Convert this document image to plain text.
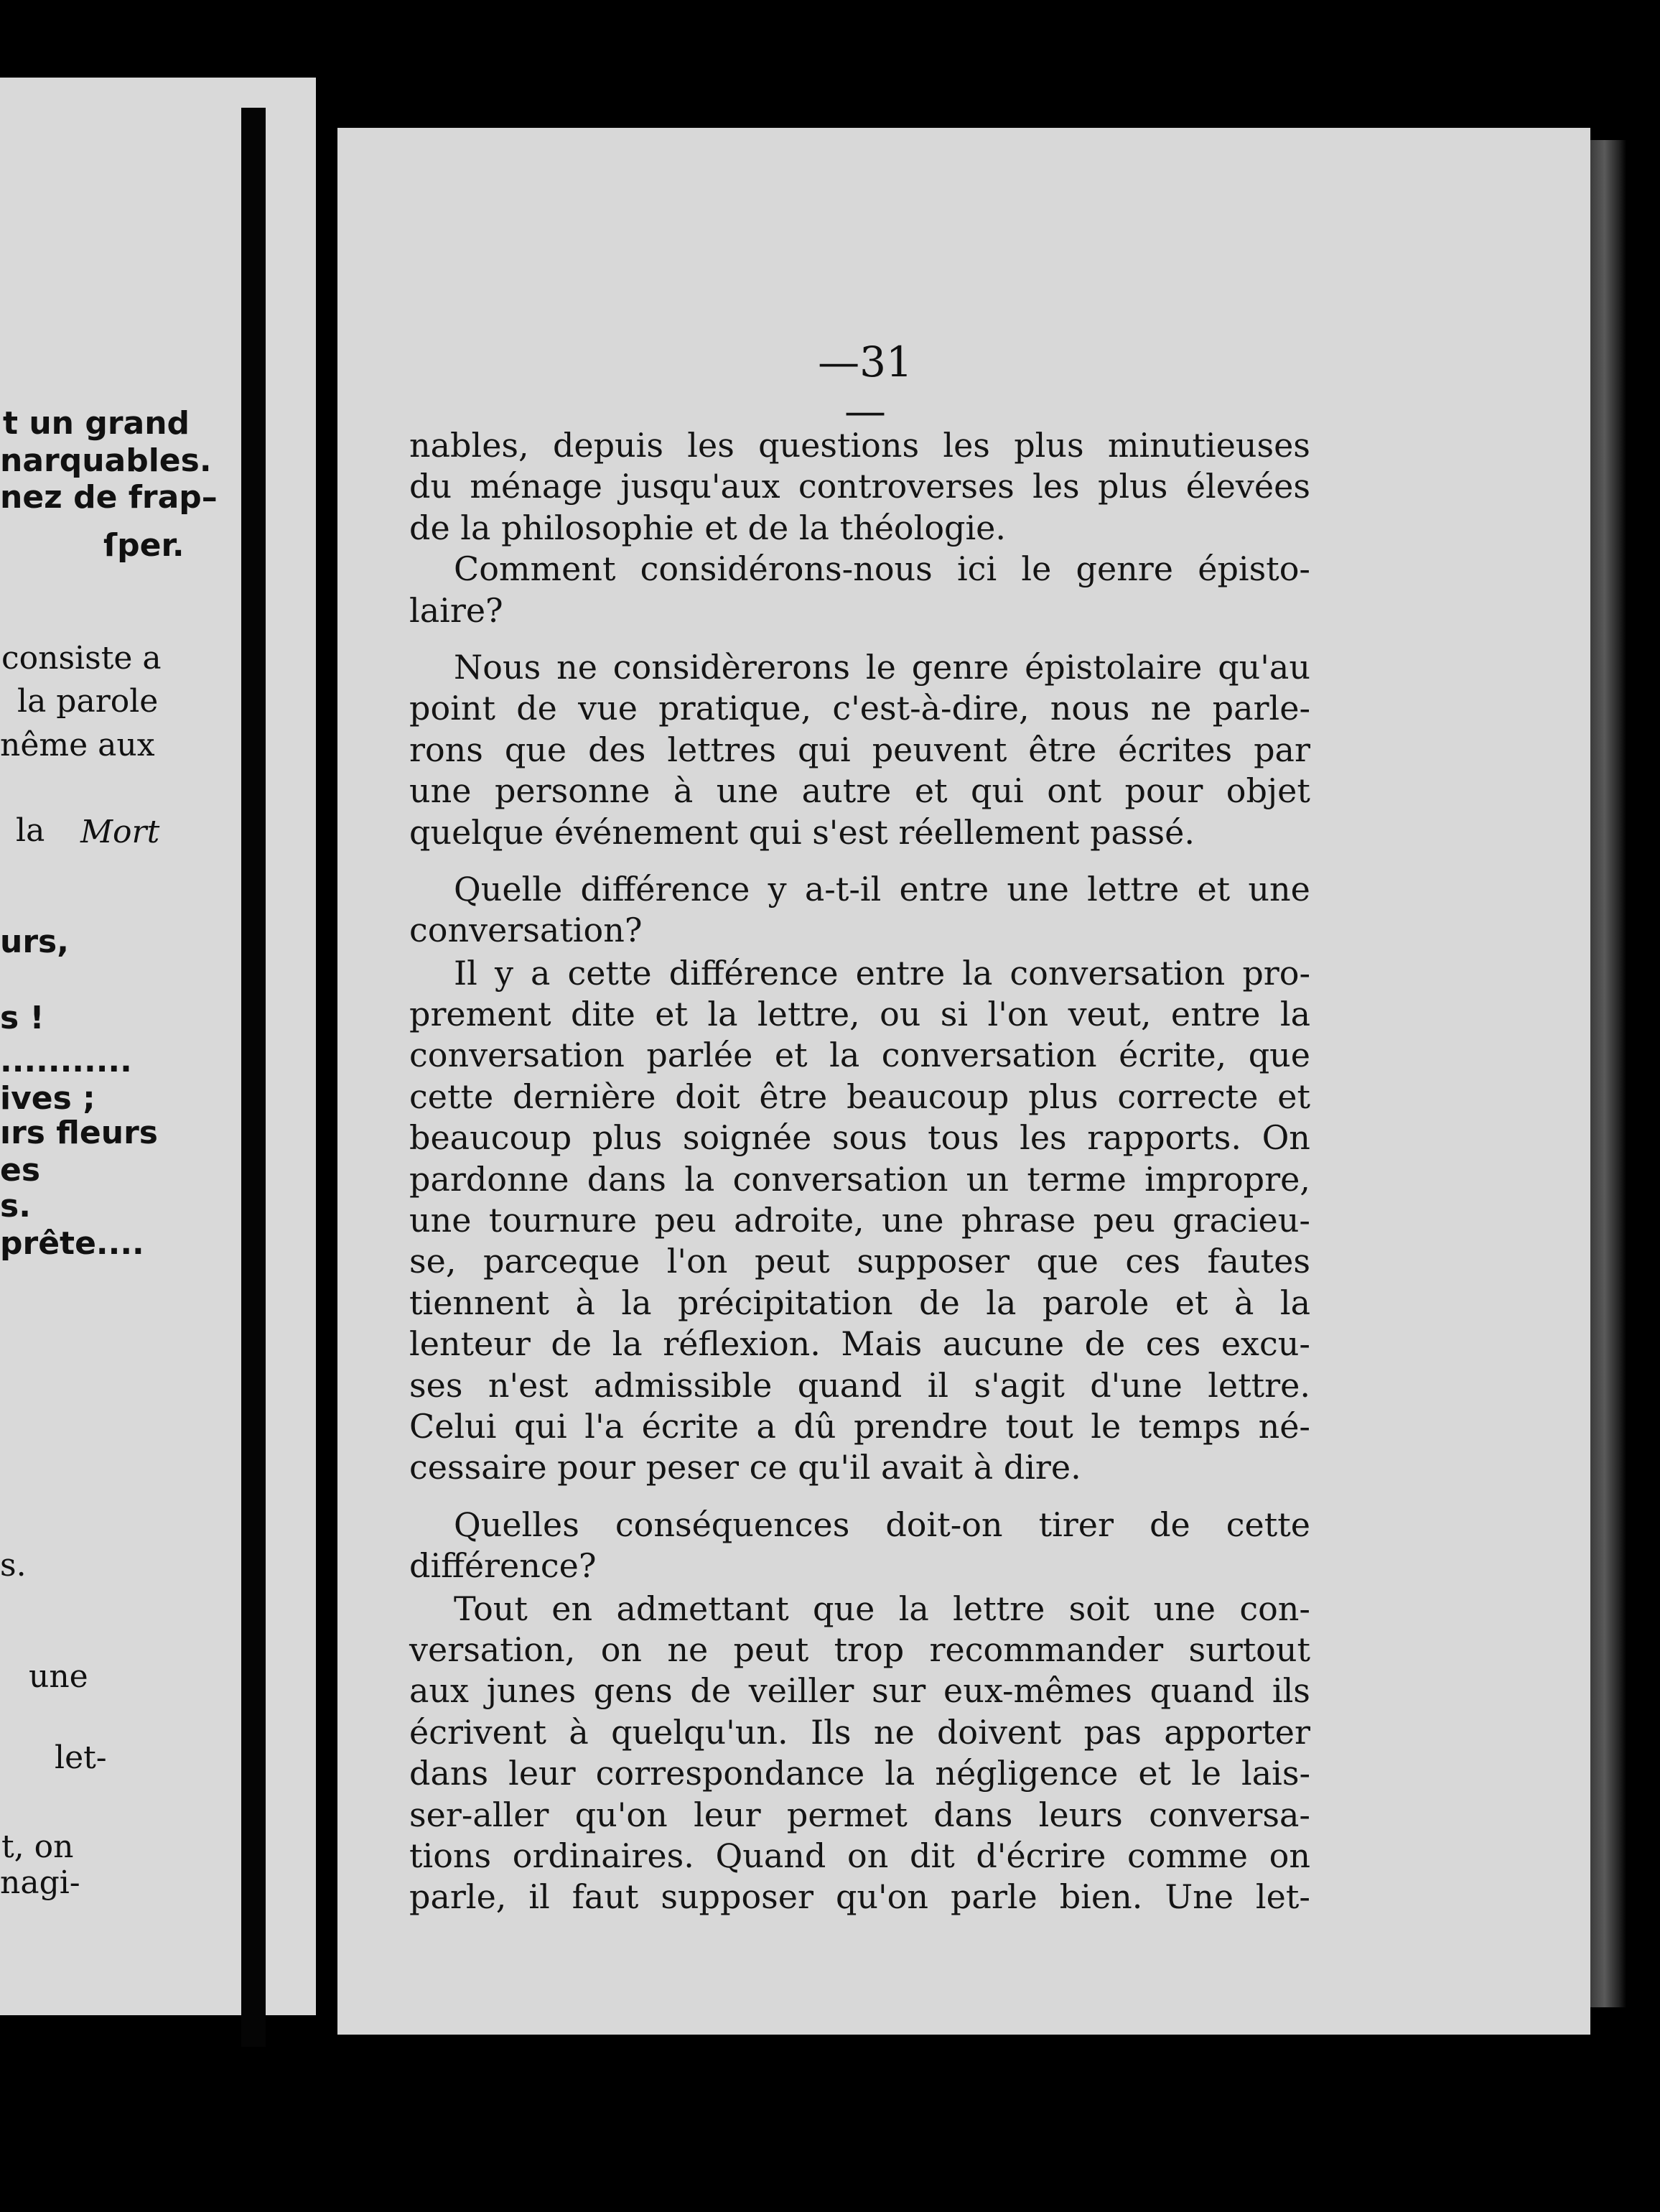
t un grand
narquables.
nez de frap–
ſper.
consiste a
la parole
nême aux
la Mort
urs,
s !
...........
ives ;
ırs fleurs
es
s.
prête....
s.
une
let-
t, on
nagi-
—31—
nables, depuis les questions les plus minutieuses
du ménage jusqu'aux controverses les plus élevées
de la philosophie et de la théologie.
Comment considérons-nous ici le genre épisto-
laire?
Nous ne considèrerons le genre épistolaire qu'au
point de vue pratique, c'est-à-dire, nous ne parle-
rons que des lettres qui peuvent être écrites par
une personne à une autre et qui ont pour objet
quelque événement qui s'est réellement passé.
Quelle différence y a-t-il entre une lettre et une
conversation?
Il y a cette différence entre la conversation pro-
prement dite et la lettre, ou si l'on veut, entre la
conversation parlée et la conversation écrite, que
cette dernière doit être beaucoup plus correcte et
beaucoup plus soignée sous tous les rapports. On
pardonne dans la conversation un terme impropre,
une tournure peu adroite, une phrase peu gracieu-
se, parceque l'on peut supposer que ces fautes
tiennent à la précipitation de la parole et à la
lenteur de la réflexion. Mais aucune de ces excu-
ses n'est admissible quand il s'agit d'une lettre.
Celui qui l'a écrite a dû prendre tout le temps né-
cessaire pour peser ce qu'il avait à dire.
Quelles conséquences doit-on tirer de cette
différence?
Tout en admettant que la lettre soit une con-
versation, on ne peut trop recommander surtout
aux junes gens de veiller sur eux-mêmes quand ils
écrivent à quelqu'un. Ils ne doivent pas apporter
dans leur correspondance la négligence et le lais-
ser-aller qu'on leur permet dans leurs conversa-
tions ordinaires. Quand on dit d'écrire comme on
parle, il faut supposer qu'on parle bien. Une let-
